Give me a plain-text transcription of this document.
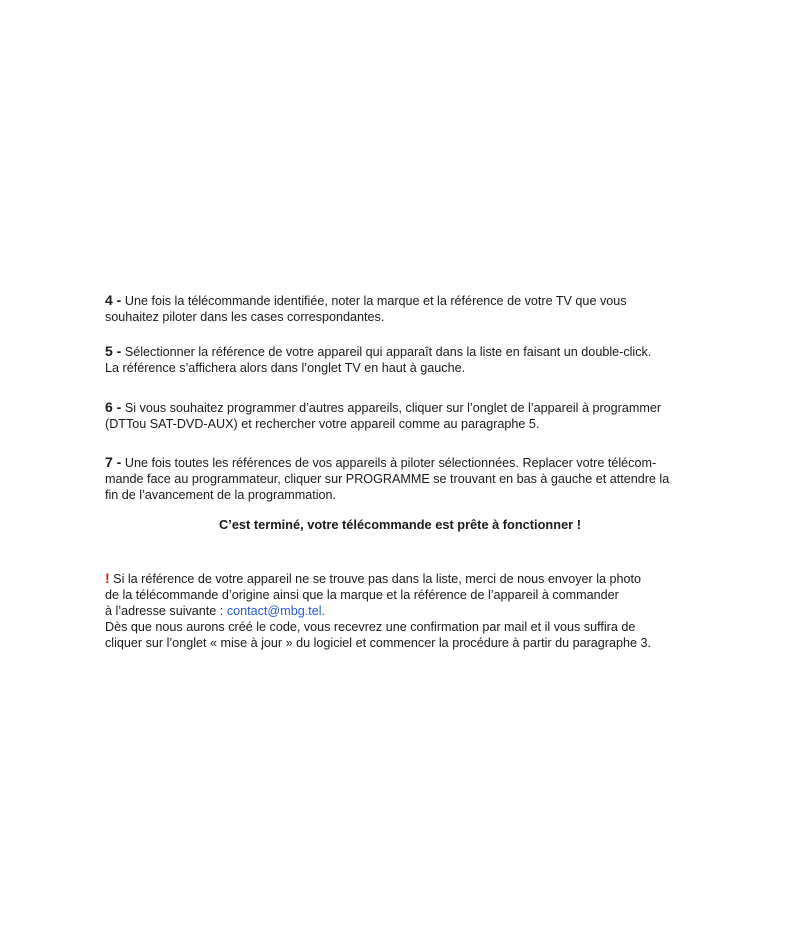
4 - Une fois la télécommande identifiée, noter la marque et la référence de votre TV que vous
souhaitez piloter dans les cases correspondantes.

5 - Sélectionner la référence de votre appareil qui apparaît dans la liste en faisant un double-click.
La référence s’affichera alors dans l’onglet TV en haut à gauche.

6 - Si vous souhaitez programmer d’autres appareils, cliquer sur l’onglet de l’appareil à programmer
(DTTou SAT-DVD-AUX) et rechercher votre appareil comme au paragraphe 5.

7 - Une fois toutes les références de vos appareils à piloter sélectionnées. Replacer votre télécom-
mande face au programmateur, cliquer sur PROGRAMME se trouvant en bas à gauche et attendre la
fin de l’avancement de la programmation.

C’est terminé, votre télécommande est prête à fonctionner !

! Si la référence de votre appareil ne se trouve pas dans la liste, merci de nous envoyer la photo
de la télécommande d’origine ainsi que la marque et la référence de l’appareil à commander
à l’adresse suivante : contact@mbg.tel.
Dès que nous aurons créé le code, vous recevrez une confirmation par mail et il vous suffira de
cliquer sur l’onglet « mise à jour » du logiciel et commencer la procédure à partir du paragraphe 3.
